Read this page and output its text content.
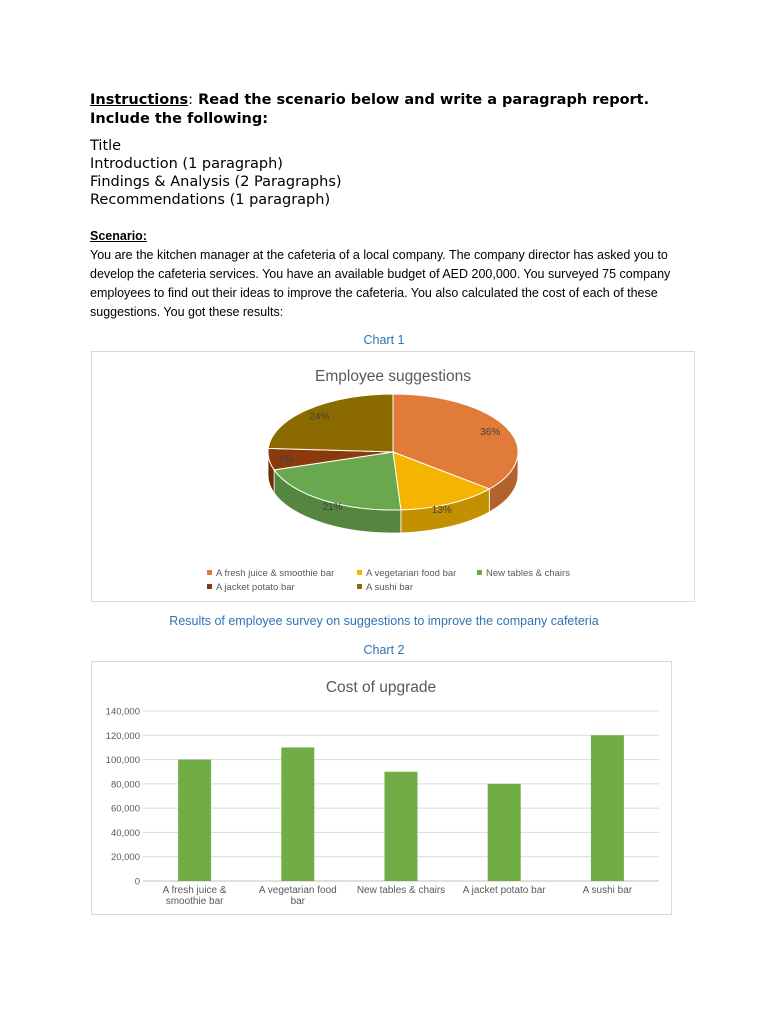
Instructions: Read the scenario below and write a paragraph report.
Include the following:
Title
Introduction (1 paragraph)
Findings & Analysis (2 Paragraphs)
Recommendations (1 paragraph)
Scenario:
You are the kitchen manager at the cafeteria of a local company. The company director has asked you to
develop the cafeteria services. You have an available budget of AED 200,000. You surveyed 75 company
employees to find out their ideas to improve the cafeteria. You also calculated the cost of each of these
suggestions. You got these results:
Chart 1
Employee suggestions
36%
13%
21%
6%
24%
A fresh juice & smoothie bar	A vegetarian food bar	New tables & chairs
A jacket potato bar	A sushi bar
Results of employee survey on suggestions to improve the company cafeteria
Chart 2
Cost of upgrade
0
20,000
40,000
60,000
80,000
100,000
120,000
140,000
A fresh juice &
smoothie bar
A vegetarian food
bar
New tables & chairs A jacket potato bar	A sushi bar
